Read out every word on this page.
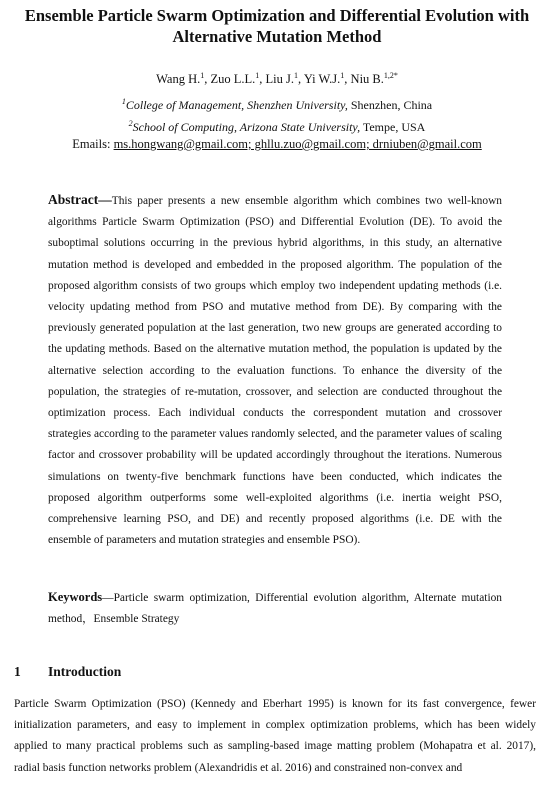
Ensemble Particle Swarm Optimization and Differential Evolution with Alternative Mutation Method
Wang H.$^1$, Zuo L.L.$^1$, Liu J.$^1$, Yi W.J.$^1$, Niu B.$^{1,2*}$
$^1$College of Management, Shenzhen University, Shenzhen, China
$^2$School of Computing, Arizona State University, Tempe, USA
Emails: ms.hongwang@gmail.com; ghllu.zuo@gmail.com; drniuben@gmail.com

Abstract—This paper presents a new ensemble algorithm which combines two well-known algorithms Particle Swarm Optimization (PSO) and Differential Evolution (DE). To avoid the suboptimal solutions occurring in the previous hybrid algorithms, in this study, an alternative mutation method is developed and embedded in the proposed algorithm. The population of the proposed algorithm consists of two groups which employ two independent updating methods (i.e. velocity updating method from PSO and mutative method from DE). By comparing with the previously generated population at the last generation, two new groups are generated according to the updating methods. Based on the alternative mutation method, the population is updated by the alternative selection according to the evaluation functions. To enhance the diversity of the population, the strategies of re-mutation, crossover, and selection are conducted throughout the optimization process. Each individual conducts the correspondent mutation and crossover strategies according to the parameter values randomly selected, and the parameter values of scaling factor and crossover probability will be updated accordingly throughout the iterations. Numerous simulations on twenty-five benchmark functions have been conducted, which indicates the proposed algorithm outperforms some well-exploited algorithms (i.e. inertia weight PSO, comprehensive learning PSO, and DE) and recently proposed algorithms (i.e. DE with the ensemble of parameters and mutation strategies and ensemble PSO).

Keywords—Particle swarm optimization, Differential evolution algorithm, Alternate mutation method，Ensemble Strategy

1 Introduction

Particle Swarm Optimization (PSO) (Kennedy and Eberhart 1995) is known for its fast convergence, fewer initialization parameters, and easy to implement in complex optimization problems, which has been widely applied to many practical problems such as sampling-based image matting problem (Mohapatra et al. 2017), radial basis function networks problem (Alexandridis et al. 2016) and constrained non-convex and
